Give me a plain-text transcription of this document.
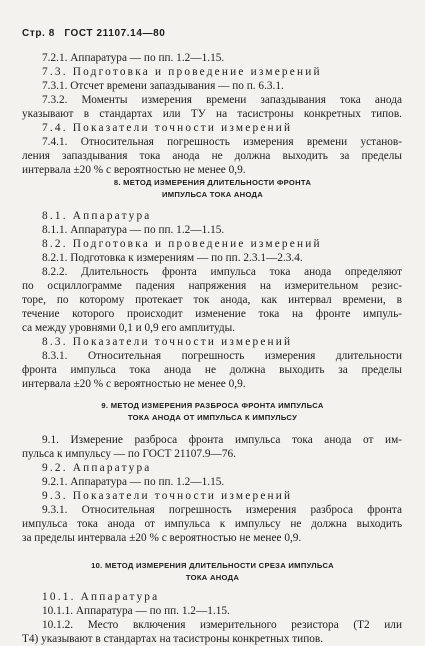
Стр. 8 ГОСТ 21107.14—80
7.2.1. Аппаратура — по пп. 1.2—1.15.
7.3. Подготовка и проведение измерений
7.3.1. Отсчет времени запаздывания — по п. 6.3.1.
7.3.2. Моменты измерения времени запаздывания тока анода
указывают в стандартах или ТУ на тасистроны конкретных типов.
7.4. Показатели точности измерений
7.4.1. Относительная погрешность измерения времени установ-
ления запаздывания тока анода не должна выходить за пределы
интервала ±20 % с вероятностью не менее 0,9.
8. МЕТОД ИЗМЕРЕНИЯ ДЛИТЕЛЬНОСТИ ФРОНТА
ИМПУЛЬСА ТОКА АНОДА
8.1. Аппаратура
8.1.1. Аппаратура — по пп. 1.2—1.15.
8.2. Подготовка и проведение измерений
8.2.1. Подготовка к измерениям — по пп. 2.3.1—2.3.4.
8.2.2. Длительность фронта импульса тока анода определяют
по осциллограмме падения напряжения на измерительном резис-
торе, по которому протекает ток анода, как интервал времени, в
течение которого происходит изменение тока на фронте импуль-
са между уровнями 0,1 и 0,9 его амплитуды.
8.3. Показатели точности измерений
8.3.1. Относительная погрешность измерения длительности
фронта импульса тока анода не должна выходить за пределы
интервала ±20 % с вероятностью не менее 0,9.
9. МЕТОД ИЗМЕРЕНИЯ РАЗБРОСА ФРОНТА ИМПУЛЬСА
ТОКА АНОДА ОТ ИМПУЛЬСА К ИМПУЛЬСУ
9.1. Измерение разброса фронта импульса тока анода от им-
пульса к импульсу — по ГОСТ 21107.9—76.
9.2. Аппаратура
9.2.1. Аппаратура — по пп. 1.2—1.15.
9.3. Показатели точности измерений
9.3.1. Относительная погрешность измерения разброса фронта
импульса тока анода от импульса к импульсу не должна выходить
за пределы интервала ±20 % с вероятностью не менее 0,9.
10. МЕТОД ИЗМЕРЕНИЯ ДЛИТЕЛЬНОСТИ СРЕЗА ИМПУЛЬСА
ТОКА АНОДА
10.1. Аппаратура
10.1.1. Аппаратура — по пп. 1.2—1.15.
10.1.2. Место включения измерительного резистора (Т2 или
Т4) указывают в стандартах на тасистроны конкретных типов.
